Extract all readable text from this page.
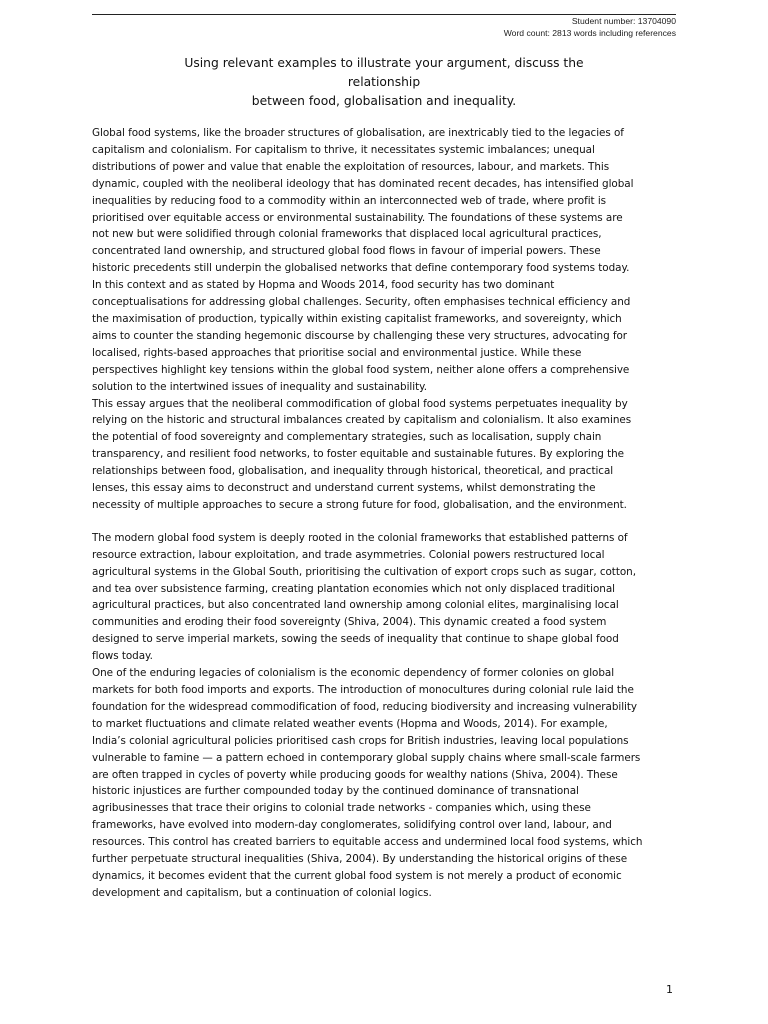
Student number: 13704090
Word count: 2813 words including references
Using relevant examples to illustrate your argument, discuss the relationship
between food, globalisation and inequality.

Global food systems, like the broader structures of globalisation, are inextricably tied to the legacies of
capitalism and colonialism. For capitalism to thrive, it necessitates systemic imbalances; unequal
distributions of power and value that enable the exploitation of resources, labour, and markets. This
dynamic, coupled with the neoliberal ideology that has dominated recent decades, has intensified global
inequalities by reducing food to a commodity within an interconnected web of trade, where profit is
prioritised over equitable access or environmental sustainability. The foundations of these systems are
not new but were solidified through colonial frameworks that displaced local agricultural practices,
concentrated land ownership, and structured global food flows in favour of imperial powers. These
historic precedents still underpin the globalised networks that define contemporary food systems today.

In this context and as stated by Hopma and Woods 2014, food security has two dominant
conceptualisations for addressing global challenges. Security, often emphasises technical efficiency and
the maximisation of production, typically within existing capitalist frameworks, and sovereignty, which
aims to counter the standing hegemonic discourse by challenging these very structures, advocating for
localised, rights-based approaches that prioritise social and environmental justice. While these
perspectives highlight key tensions within the global food system, neither alone offers a comprehensive
solution to the intertwined issues of inequality and sustainability.

This essay argues that the neoliberal commodification of global food systems perpetuates inequality by
relying on the historic and structural imbalances created by capitalism and colonialism. It also examines
the potential of food sovereignty and complementary strategies, such as localisation, supply chain
transparency, and resilient food networks, to foster equitable and sustainable futures. By exploring the
relationships between food, globalisation, and inequality through historical, theoretical, and practical
lenses, this essay aims to deconstruct and understand current systems, whilst demonstrating the
necessity of multiple approaches to secure a strong future for food, globalisation, and the environment.

The modern global food system is deeply rooted in the colonial frameworks that established patterns of
resource extraction, labour exploitation, and trade asymmetries. Colonial powers restructured local
agricultural systems in the Global South, prioritising the cultivation of export crops such as sugar, cotton,
and tea over subsistence farming, creating plantation economies which not only displaced traditional
agricultural practices, but also concentrated land ownership among colonial elites, marginalising local
communities and eroding their food sovereignty (Shiva, 2004). This dynamic created a food system
designed to serve imperial markets, sowing the seeds of inequality that continue to shape global food
flows today.

One of the enduring legacies of colonialism is the economic dependency of former colonies on global
markets for both food imports and exports. The introduction of monocultures during colonial rule laid the
foundation for the widespread commodification of food, reducing biodiversity and increasing vulnerability
to market fluctuations and climate related weather events (Hopma and Woods, 2014). For example,
India’s colonial agricultural policies prioritised cash crops for British industries, leaving local populations
vulnerable to famine — a pattern echoed in contemporary global supply chains where small-scale farmers
are often trapped in cycles of poverty while producing goods for wealthy nations (Shiva, 2004). These
historic injustices are further compounded today by the continued dominance of transnational
agribusinesses that trace their origins to colonial trade networks - companies which, using these
frameworks, have evolved into modern-day conglomerates, solidifying control over land, labour, and
resources. This control has created barriers to equitable access and undermined local food systems, which
further perpetuate structural inequalities (Shiva, 2004). By understanding the historical origins of these
dynamics, it becomes evident that the current global food system is not merely a product of economic
development and capitalism, but a continuation of colonial logics.

1
